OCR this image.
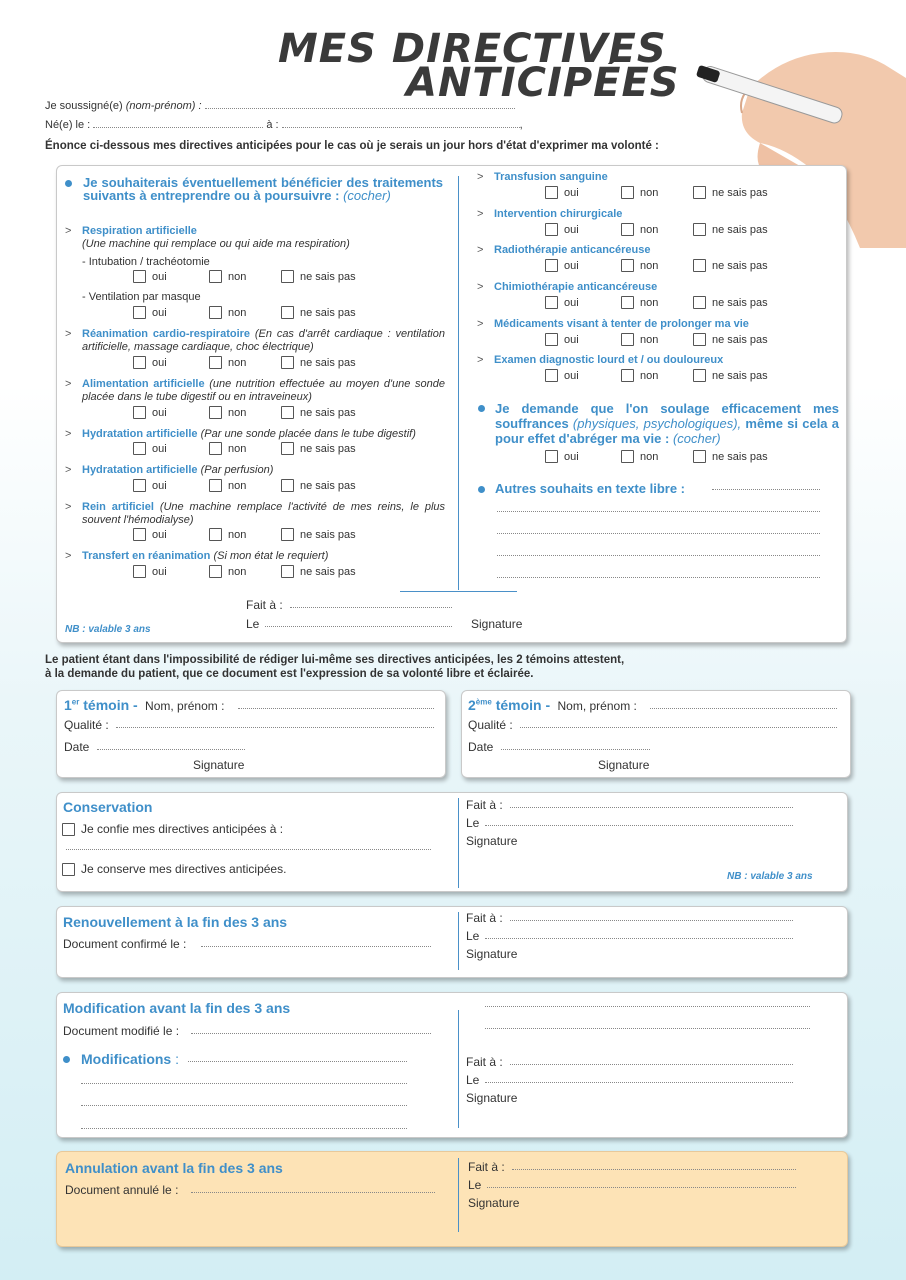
MES DIRECTIVES
ANTICIPÉES
Je soussigné(e) (nom-prénom) :
Né(e) le :	à :	,
Énonce ci-dessous mes directives anticipées pour le cas où je serais un jour hors d'état d'exprimer ma volonté :
Je souhaiterais éventuellement bénéficier des traitements suivants à entreprendre ou à poursuivre : (cocher)
> Respiration artificielle
(Une machine qui remplace ou qui aide ma respiration)
- Intubation / trachéotomie
oui	non	ne sais pas
- Ventilation par masque
oui	non	ne sais pas
> Réanimation cardio-respiratoire (En cas d'arrêt cardiaque : ventilation artificielle, massage cardiaque, choc électrique)
oui	non	ne sais pas
> Alimentation artificielle (une nutrition effectuée au moyen d'une sonde placée dans le tube digestif ou en intraveineux)
oui	non	ne sais pas
> Hydratation artificielle (Par une sonde placée dans le tube digestif)
oui	non	ne sais pas
> Hydratation artificielle (Par perfusion)
oui	non	ne sais pas
> Rein artificiel (Une machine remplace l'activité de mes reins, le plus souvent l'hémodialyse)
oui	non	ne sais pas
> Transfert en réanimation (Si mon état le requiert)
oui	non	ne sais pas
> Transfusion sanguine
oui	non	ne sais pas
> Intervention chirurgicale
oui	non	ne sais pas
> Radiothérapie anticancéreuse
oui	non	ne sais pas
> Chimiothérapie anticancéreuse
oui	non	ne sais pas
> Médicaments visant à tenter de prolonger ma vie
oui	non	ne sais pas
> Examen diagnostic lourd et / ou douloureux
oui	non	ne sais pas
Je demande que l'on soulage efficacement mes souffrances (physiques, psychologiques), même si cela a pour effet d'abréger ma vie : (cocher)
oui	non	ne sais pas
Autres souhaits en texte libre :
Fait à :
Le	Signature
NB : valable 3 ans
Le patient étant dans l'impossibilité de rédiger lui-même ses directives anticipées, les 2 témoins attestent,
à la demande du patient, que ce document est l'expression de sa volonté libre et éclairée.
1er témoin - Nom, prénom :
Qualité :
Date
Signature
2ème témoin - Nom, prénom :
Qualité :
Date
Signature
Conservation
Je confie mes directives anticipées à :
Je conserve mes directives anticipées.
Fait à :
Le
Signature
NB : valable 3 ans
Renouvellement à la fin des 3 ans
Document confirmé le :
Fait à :
Le
Signature
Modification avant la fin des 3 ans
Document modifié le :
Modifications :	Fait à :
Le
Signature
Annulation avant la fin des 3 ans
Document annulé le :
Fait à :
Le
Signature
